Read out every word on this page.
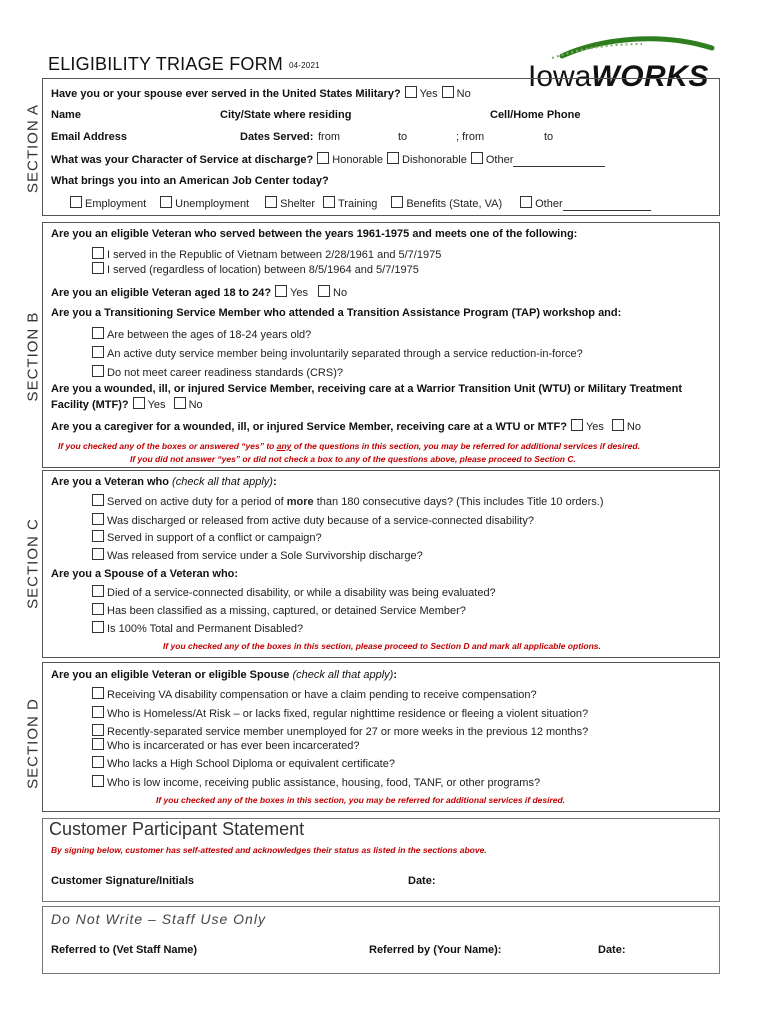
ELIGIBILITY TRIAGE FORM 04-2021	IowaWORKS
SECTION A
Have you or your spouse ever served in the United States Military? Yes No
Name	City/State where residing	Cell/Home Phone
Email Address	Dates Served: from	to	; from	to
What was your Character of Service at discharge? Honorable Dishonorable Other
What brings you into an American Job Center today?
Employment	Unemployment	Shelter Training	Benefits (State, VA)	Other
SECTION B
Are you an eligible Veteran who served between the years 1961-1975 and meets one of the following:
I served in the Republic of Vietnam between 2/28/1961 and 5/7/1975
I served (regardless of location) between 8/5/1964 and 5/7/1975
Are you an eligible Veteran aged 18 to 24? Yes No
Are you a Transitioning Service Member who attended a Transition Assistance Program (TAP) workshop and:
Are between the ages of 18-24 years old?
An active duty service member being involuntarily separated through a service reduction-in-force?
Do not meet career readiness standards (CRS)?
Are you a wounded, ill, or injured Service Member, receiving care at a Warrior Transition Unit (WTU) or Military Treatment
Facility (MTF)? Yes No
Are you a caregiver for a wounded, ill, or injured Service Member, receiving care at a WTU or MTF? Yes No
If you checked any of the boxes or answered “yes” to any of the questions in this section, you may be referred for additional services if desired.
If you did not answer “yes” or did not check a box to any of the questions above, please proceed to Section C.
SECTION C
Are you a Veteran who (check all that apply):
Served on active duty for a period of more than 180 consecutive days? (This includes Title 10 orders.)
Was discharged or released from active duty because of a service-connected disability?
Served in support of a conflict or campaign?
Was released from service under a Sole Survivorship discharge?
Are you a Spouse of a Veteran who:
Died of a service-connected disability, or while a disability was being evaluated?
Has been classified as a missing, captured, or detained Service Member?
Is 100% Total and Permanent Disabled?
If you checked any of the boxes in this section, please proceed to Section D and mark all applicable options.
SECTION D
Are you an eligible Veteran or eligible Spouse (check all that apply):
Receiving VA disability compensation or have a claim pending to receive compensation?
Who is Homeless/At Risk – or lacks fixed, regular nighttime residence or fleeing a violent situation?
Recently-separated service member unemployed for 27 or more weeks in the previous 12 months?
Who is incarcerated or has ever been incarcerated?
Who lacks a High School Diploma or equivalent certificate?
Who is low income, receiving public assistance, housing, food, TANF, or other programs?
If you checked any of the boxes in this section, you may be referred for additional services if desired.
Customer Participant Statement
By signing below, customer has self-attested and acknowledges their status as listed in the sections above.
Customer Signature/Initials	Date:
Do Not Write – Staff Use Only
Referred to (Vet Staff Name)	Referred by (Your Name):	Date:
